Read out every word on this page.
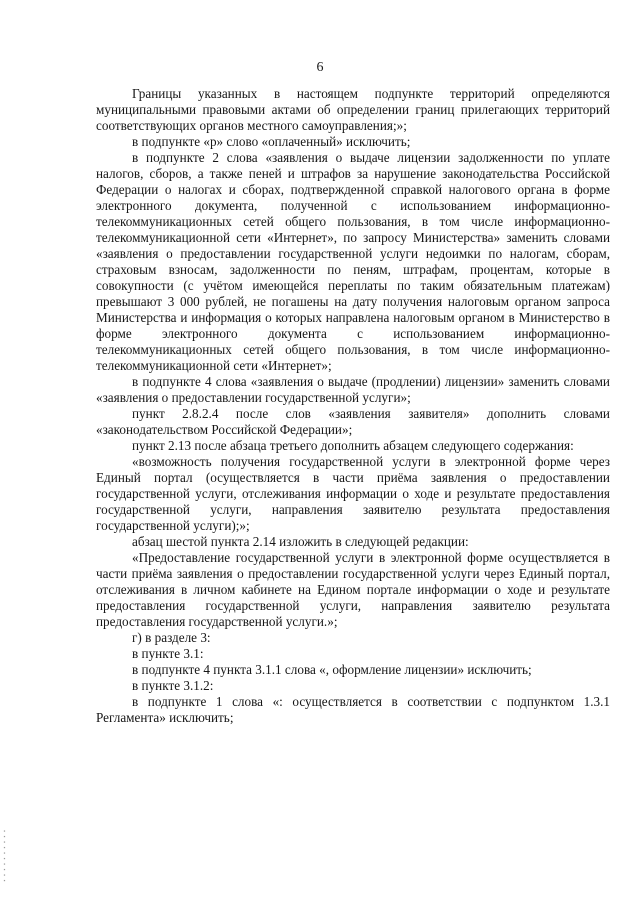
6

Границы указанных в настоящем подпункте территорий определяются муниципальными правовыми актами об определении границ прилегающих территорий соответствующих органов местного самоуправления;»;

в подпункте «р» слово «оплаченный» исключить;

в подпункте 2 слова «заявления о выдаче лицензии задолженности по уплате налогов, сборов, а также пеней и штрафов за нарушение законодательства Российской Федерации о налогах и сборах, подтвержденной справкой налогового органа в форме электронного документа, полученной с использованием информационно-телекоммуникационных сетей общего пользования, в том числе информационно-телекоммуникационной сети «Интернет», по запросу Министерства» заменить словами «заявления о предоставлении государственной услуги недоимки по налогам, сборам, страховым взносам, задолженности по пеням, штрафам, процентам, которые в совокупности (с учётом имеющейся переплаты по таким обязательным платежам) превышают 3 000 рублей, не погашены на дату получения налоговым органом запроса Министерства и информация о которых направлена налоговым органом в Министерство в форме электронного документа с использованием информационно-телекоммуникационных сетей общего пользования, в том числе информационно-телекоммуникационной сети «Интернет»;

в подпункте 4 слова «заявления о выдаче (продлении) лицензии» заменить словами «заявления о предоставлении государственной услуги»;

пункт 2.8.2.4 после слов «заявления заявителя» дополнить словами «законодательством Российской Федерации»;

пункт 2.13 после абзаца третьего дополнить абзацем следующего содержания:

«возможность получения государственной услуги в электронной форме через Единый портал (осуществляется в части приёма заявления о предоставлении государственной услуги, отслеживания информации о ходе и результате предоставления государственной услуги, направления заявителю результата предоставления государственной услуги);»;

абзац шестой пункта 2.14 изложить в следующей редакции:

«Предоставление государственной услуги в электронной форме осуществляется в части приёма заявления о предоставлении государственной услуги через Единый портал, отслеживания в личном кабинете на Едином портале информации о ходе и результате предоставления государственной услуги, направления заявителю результата предоставления государственной услуги.»;

г) в разделе 3:

в пункте 3.1:

в подпункте 4 пункта 3.1.1 слова «, оформление лицензии» исключить;

в пункте 3.1.2:

в подпункте 1 слова «: осуществляется в соответствии с подпунктом 1.3.1 Регламента» исключить;

▪▪▪▪▪▪▪▪▪▪
